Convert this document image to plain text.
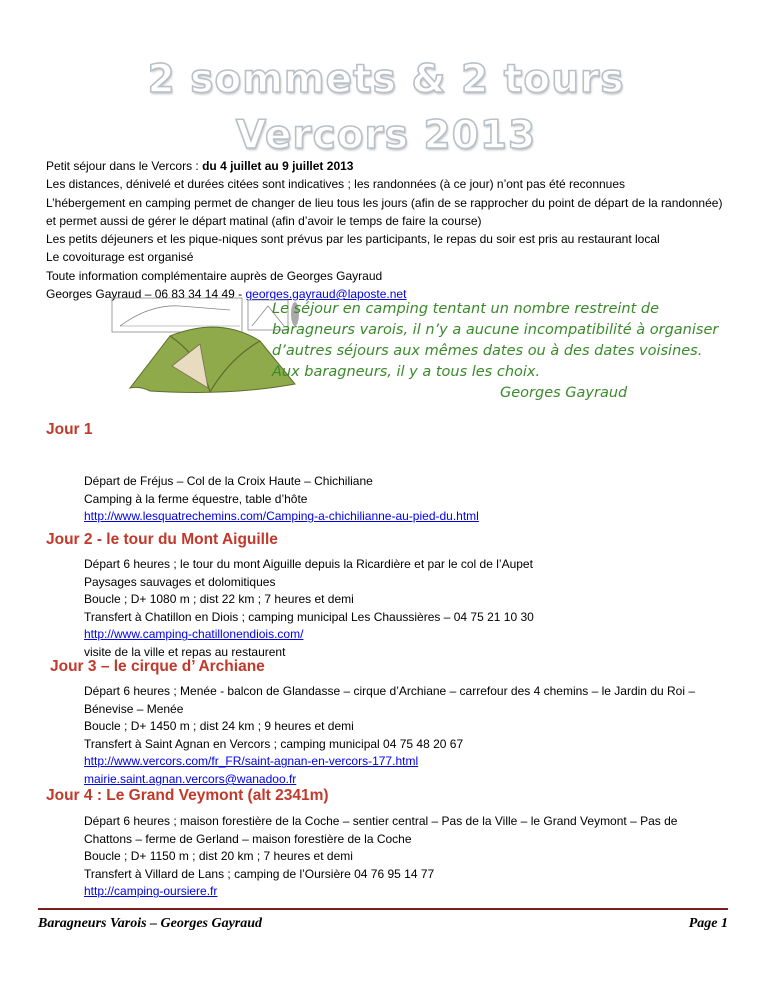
2 sommets & 2 tours
Vercors 2013

Petit séjour dans le Vercors : du 4 juillet au 9 juillet 2013

Les distances, dénivelé et durées citées sont indicatives ; les randonnées (à ce jour) n’ont pas été reconnues

L’hébergement en camping permet de changer de lieu tous les jours (afin de se rapprocher du point de départ de la randonnée) et permet aussi de gérer le départ matinal (afin d’avoir le temps de faire la course)

Les petits déjeuners et les pique-niques sont prévus par les participants, le repas du soir est pris au restaurant local

Le covoiturage est organisé

Toute information complémentaire auprès de Georges Gayraud

Georges Gayraud – 06 83 34 14 49 - georges.gayraud@laposte.net

Le séjour en camping tentant un nombre restreint de

baragneurs varois, il n’y a aucune incompatibilité à organiser

d’autres séjours aux mêmes dates ou à des dates voisines.

Aux baragneurs, il y a tous les choix.

Georges Gayraud

Jour 1

Départ de Fréjus – Col de la Croix Haute – Chichiliane

Camping à la ferme équestre, table d’hôte

http://www.lesquatrechemins.com/Camping-a-chichilianne-au-pied-du.html

Jour 2 - le tour du Mont Aiguille

Départ 6 heures ; le tour du mont Aiguille depuis la Ricardière et par le col de l’Aupet

Paysages sauvages et dolomitiques

Boucle ; D+ 1080 m ; dist 22 km ; 7 heures et demi

Transfert à Chatillon en Diois ; camping municipal Les Chaussières – 04 75 21 10 30

http://www.camping-chatillonendiois.com/

visite de la ville et repas au restaurent

Jour 3 – le cirque d’ Archiane

Départ 6 heures ; Menée - balcon de Glandasse – cirque d’Archiane – carrefour des 4 chemins – le Jardin du Roi – Bénevise – Menée

Boucle ; D+ 1450 m ; dist 24 km ; 9 heures et demi

Transfert à Saint Agnan en Vercors ; camping municipal 04 75 48 20 67

http://www.vercors.com/fr_FR/saint-agnan-en-vercors-177.html

mairie.saint.agnan.vercors@wanadoo.fr

Jour 4 : Le Grand Veymont (alt 2341m)

Départ 6 heures ; maison forestière de la Coche – sentier central – Pas de la Ville – le Grand Veymont – Pas de Chattons – ferme de Gerland – maison forestière de la Coche

Boucle ; D+ 1150 m ; dist 20 km ; 7 heures et demi

Transfert à Villard de Lans ; camping de l’Oursière 04 76 95 14 77

http://camping-oursiere.fr

Baragneurs Varois – Georges Gayraud	Page 1
